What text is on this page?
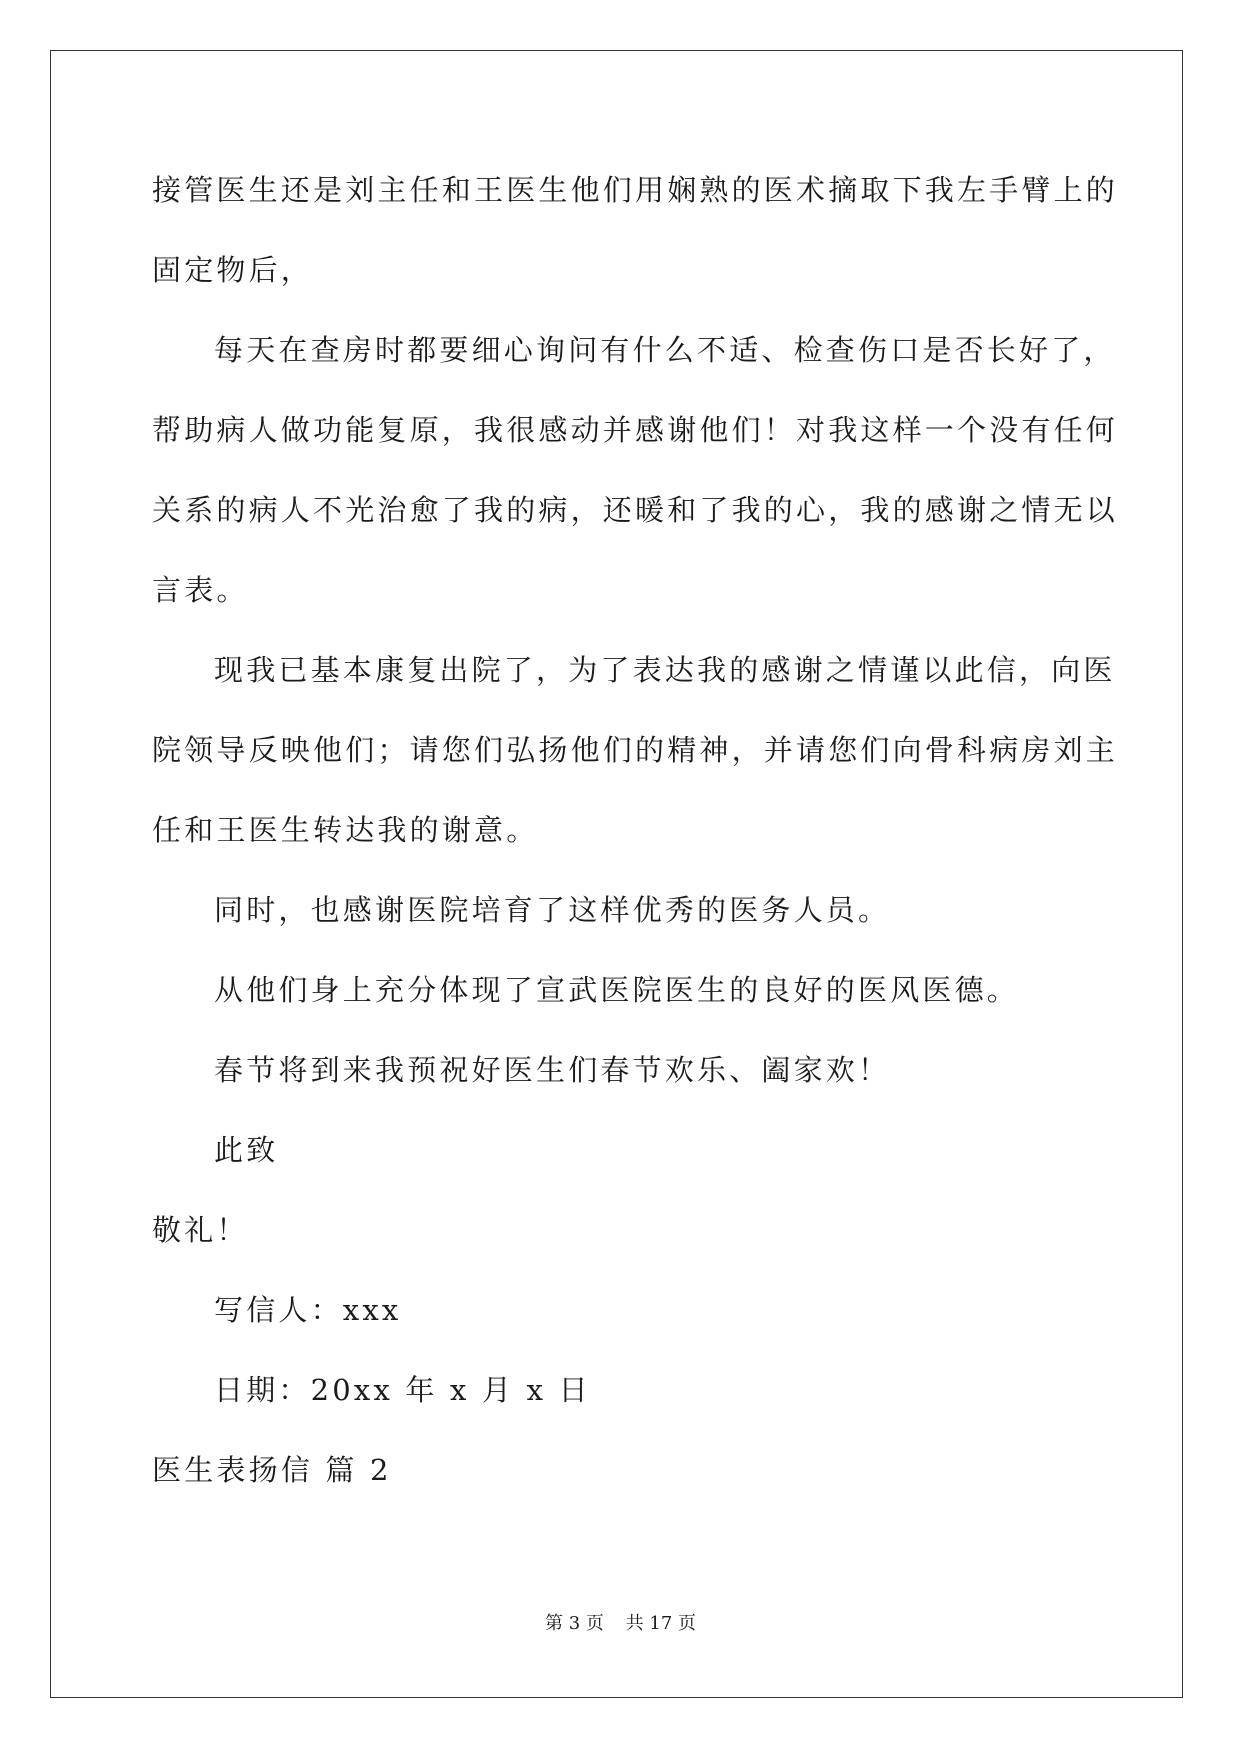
接管医生还是刘主任和王医生他们用娴熟的医术摘取下我左手臂上的
固定物后，
每天在查房时都要细心询问有什么不适、检查伤口是否长好了，
帮助病人做功能复原，我很感动并感谢他们！对我这样一个没有任何
关系的病人不光治愈了我的病，还暖和了我的心，我的感谢之情无以
言表。
现我已基本康复出院了，为了表达我的感谢之情谨以此信，向医
院领导反映他们；请您们弘扬他们的精神，并请您们向骨科病房刘主
任和王医生转达我的谢意。
同时，也感谢医院培育了这样优秀的医务人员。
从他们身上充分体现了宣武医院医生的良好的医风医德。
春节将到来我预祝好医生们春节欢乐、阖家欢！
此致
敬礼！
写信人：xxx
日期：20xx 年 x 月 x 日
医生表扬信 篇 2
第 3 页 共 17 页
